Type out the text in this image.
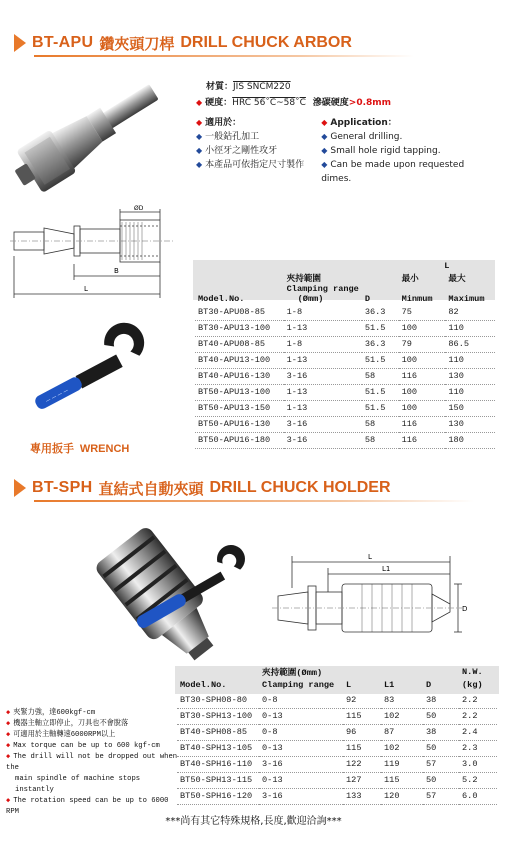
BT-APU 鑽夾頭刀桿 DRILL CHUCK ARBOR
材質：JIS SNCM220
◆ 硬度：HRC 56˚C~58˚C 滲碳硬度>0.8mm
◆ 適用於：
◆ 一般鉆孔加工
◆ 小徑牙之剛性攻牙
◆ 本產品可依指定尺寸製作
◆ Application：
◆ General drilling.
◆ Small hole rigid tapping.
◆ Can be made upon requested dimes.
B
L
ØD
— — — —
專用扳手 WRENCH
			L	
	夾持範圍		最小	最大
	Clamping range			
Model.No.	(Ømm)	D	Minmum	Maximum
BT30-APU08-85	1-8	36.3	75	82
BT30-APU13-100	1-13	51.5	100	110
BT40-APU08-85	1-8	36.3	79	86.5
BT40-APU13-100	1-13	51.5	100	110
BT40-APU16-130	3-16	58	116	130
BT50-APU13-100	1-13	51.5	100	110
BT50-APU13-150	1-13	51.5	100	150
BT50-APU16-130	3-16	58	116	130
BT50-APU16-180	3-16	58	116	180
BT-SPH 直結式自動夾頭 DRILL CHUCK HOLDER
L
L1
D
◆ 夾緊力強，達600kgf-cm
◆ 機器主軸立即停止，刀具也不會脫落
◆ 可適用於主軸轉速6000RPM以上
◆ Max torque can be up to 600 kgf-cm
◆ The drill will not be dropped out when the
main spindle of machine stops instantly
◆ The rotation speed can be up to 6000 RPM
	夾持範圍(Ømm)				N.W.
Model.No.	Clamping range	L	L1	D	(kg)
BT30-SPH08-80	0-8	92	83	38	2.2
BT30-SPH13-100	0-13	115	102	50	2.2
BT40-SPH08-85	0-8	96	87	38	2.4
BT40-SPH13-105	0-13	115	102	50	2.3
BT40-SPH16-110	3-16	122	119	57	3.0
BT50-SPH13-115	0-13	127	115	50	5.2
BT50-SPH16-120	3-16	133	120	57	6.0
***尚有其它特殊規格,長度,歡迎洽詢***
